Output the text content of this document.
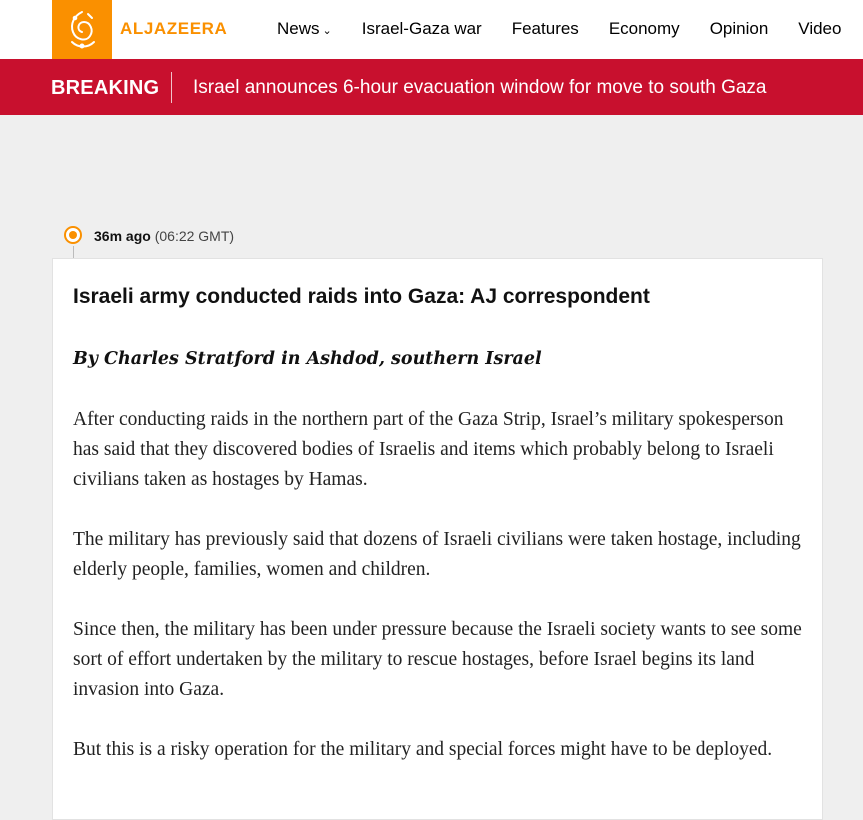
ALJAZEERA	News ⌄ Israel-Gaza war Features Economy Opinion Video
BREAKING Israel announces 6-hour evacuation window for move to south Gaza
36m ago (06:22 GMT)
Israeli army conducted raids into Gaza: AJ correspondent

By Charles Stratford in Ashdod, southern Israel

After conducting raids in the northern part of the Gaza Strip, Israel’s military spokesperson has said that they discovered bodies of Israelis and items which probably belong to Israeli civilians taken as hostages by Hamas.

The military has previously said that dozens of Israeli civilians were taken hostage, including elderly people, families, women and children.

Since then, the military has been under pressure because the Israeli society wants to see some sort of effort undertaken by the military to rescue hostages, before Israel begins its land invasion into Gaza.

But this is a risky operation for the military and special forces might have to be deployed.
